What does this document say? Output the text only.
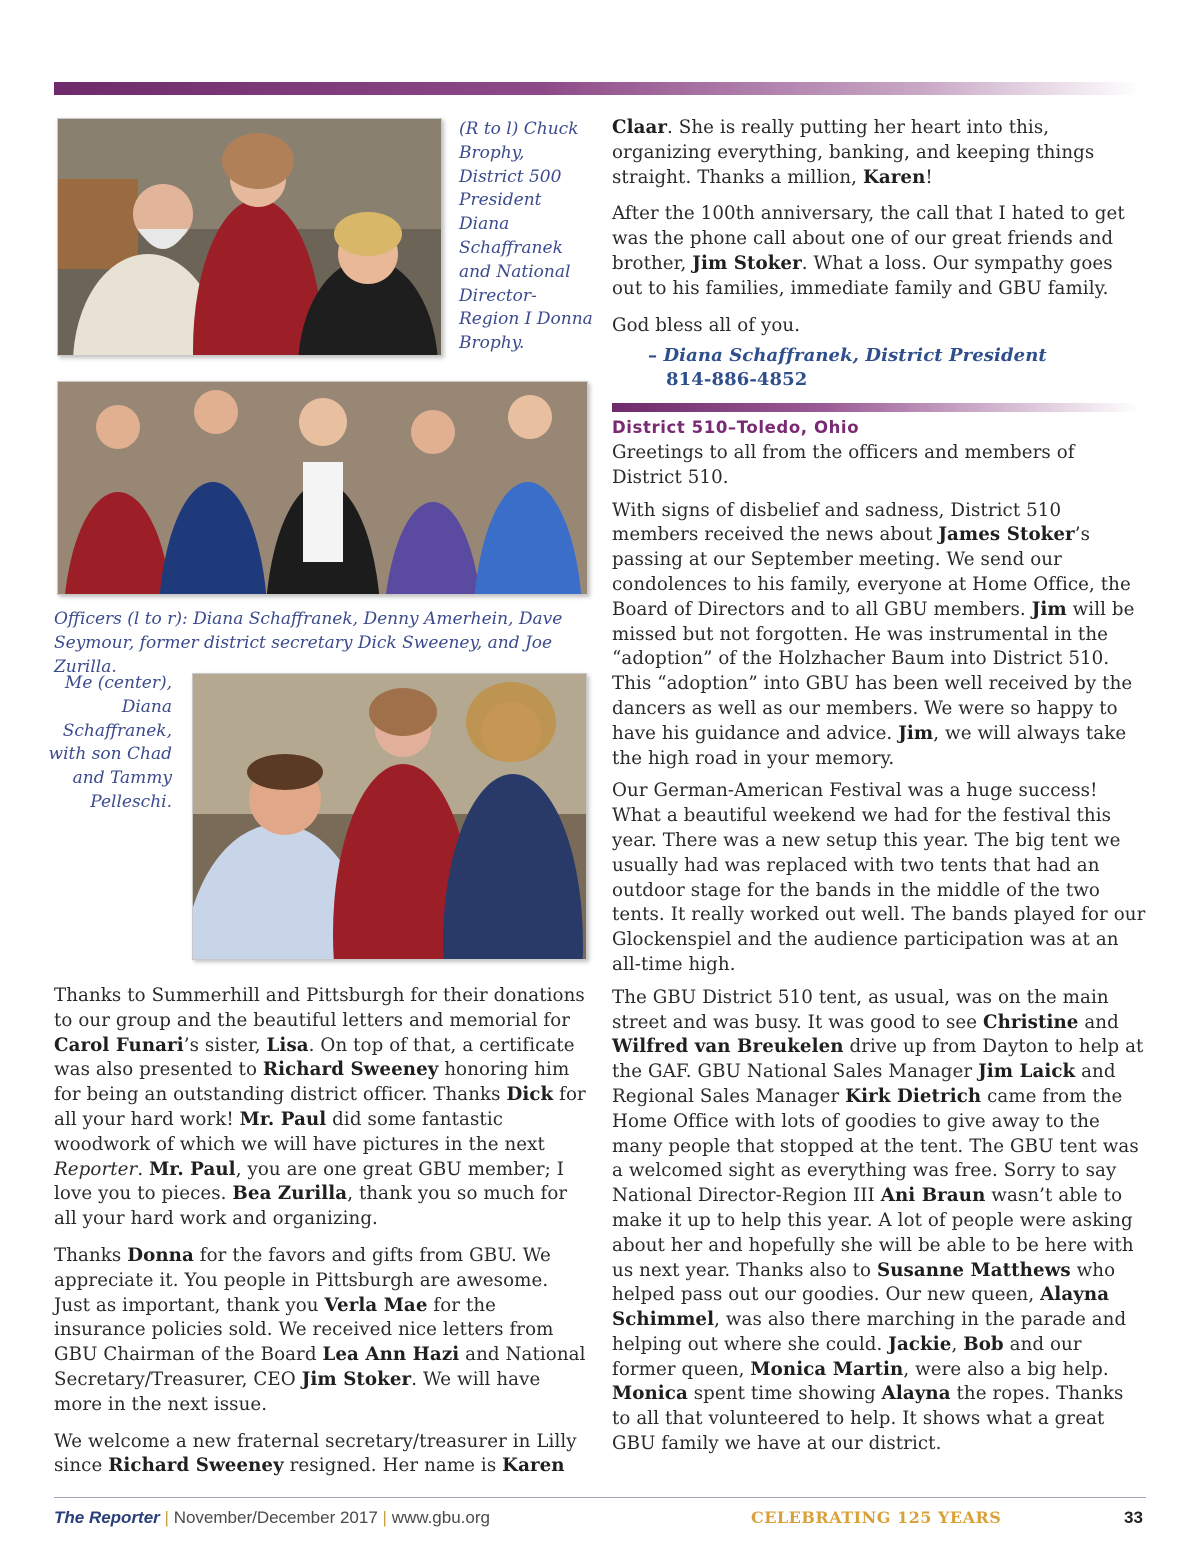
(R to l) Chuck Brophy, District 500 President Diana Schaffranek and National Director-Region I Donna Brophy.
Officers (l to r): Diana Schaffranek, Denny Amerhein, Dave Seymour, former district secretary Dick Sweeney, and Joe Zurilla.
Me (center), Diana Schaffranek, with son Chad and Tammy Pelleschi.

Thanks to Summerhill and Pittsburgh for their donations to our group and the beautiful letters and memorial for Carol Funari’s sister, Lisa. On top of that, a certificate was also presented to Richard Sweeney honoring him for being an outstanding district officer. Thanks Dick for all your hard work! Mr. Paul did some fantastic woodwork of which we will have pictures in the next Reporter. Mr. Paul, you are one great GBU member; I love you to pieces. Bea Zurilla, thank you so much for all your hard work and organizing.

Thanks Donna for the favors and gifts from GBU. We appreciate it. You people in Pittsburgh are awesome. Just as important, thank you Verla Mae for the insurance policies sold. We received nice letters from GBU Chairman of the Board Lea Ann Hazi and National Secretary/Treasurer, CEO Jim Stoker. We will have more in the next issue.

We welcome a new fraternal secretary/treasurer in Lilly since Richard Sweeney resigned. Her name is Karen

Claar. She is really putting her heart into this, organizing everything, banking, and keeping things straight. Thanks a million, Karen!

After the 100th anniversary, the call that I hated to get was the phone call about one of our great friends and brother, Jim Stoker. What a loss. Our sympathy goes out to his families, immediate family and GBU family.

God bless all of you.

– Diana Schaffranek, District President
814-886-4852
District 510–Toledo, Ohio

Greetings to all from the officers and members of District 510.

With signs of disbelief and sadness, District 510 members received the news about James Stoker’s passing at our September meeting. We send our condolences to his family, everyone at Home Office, the Board of Directors and to all GBU members. Jim will be missed but not forgotten. He was instrumental in the “adoption” of the Holzhacher Baum into District 510. This “adoption” into GBU has been well received by the dancers as well as our members. We were so happy to have his guidance and advice. Jim, we will always take the high road in your memory.

Our German-American Festival was a huge success! What a beautiful weekend we had for the festival this year. There was a new setup this year. The big tent we usually had was replaced with two tents that had an outdoor stage for the bands in the middle of the two tents. It really worked out well. The bands played for our Glockenspiel and the audience participation was at an all-time high.

The GBU District 510 tent, as usual, was on the main street and was busy. It was good to see Christine and Wilfred van Breukelen drive up from Dayton to help at the GAF. GBU National Sales Manager Jim Laick and Regional Sales Manager Kirk Dietrich came from the Home Office with lots of goodies to give away to the many people that stopped at the tent. The GBU tent was a welcomed sight as everything was free. Sorry to say National Director-Region III Ani Braun wasn’t able to make it up to help this year. A lot of people were asking about her and hopefully she will be able to be here with us next year. Thanks also to Susanne Matthews who helped pass out our goodies. Our new queen, Alayna Schimmel, was also there marching in the parade and helping out where she could. Jackie, Bob and our former queen, Monica Martin, were also a big help. Monica spent time showing Alayna the ropes. Thanks to all that volunteered to help. It shows what a great GBU family we have at our district.

The Reporter | November/December 2017 | www.gbu.org	CELEBRATING 125 YEARS	33
